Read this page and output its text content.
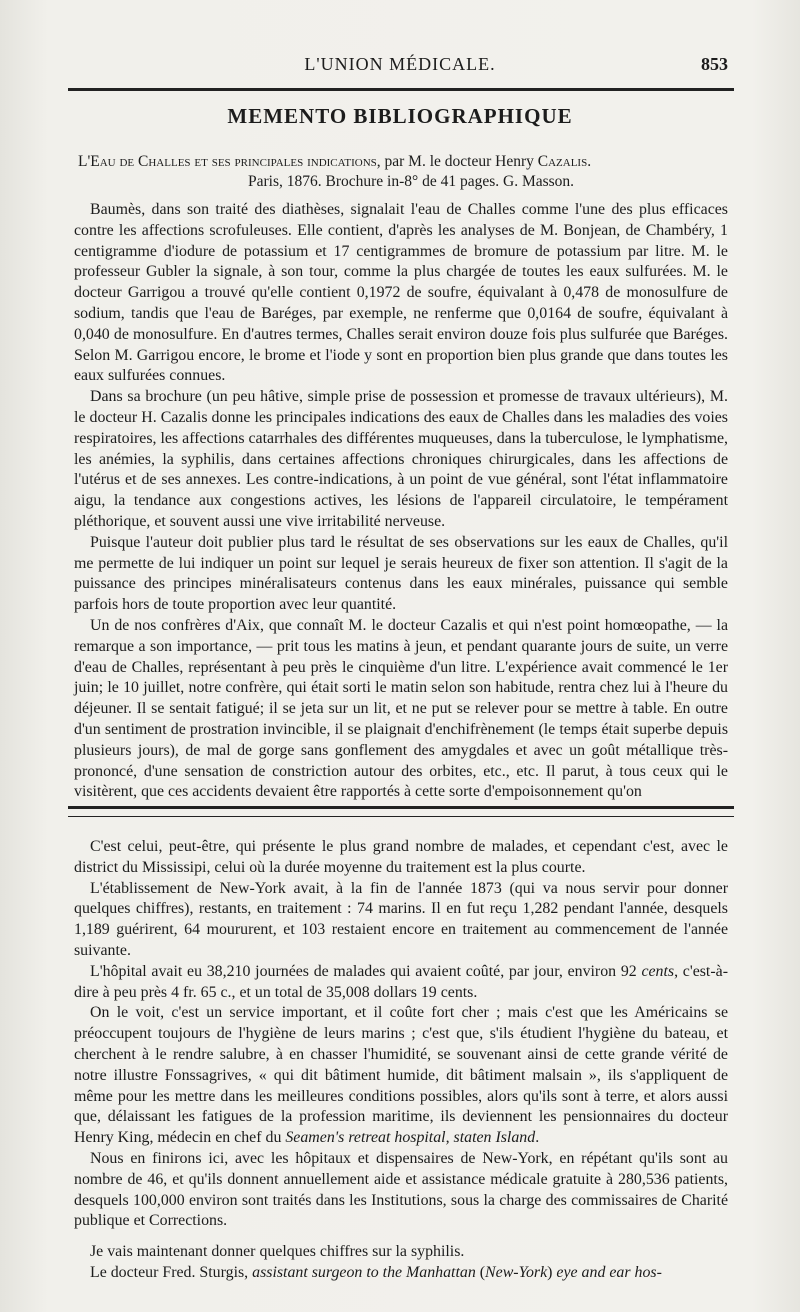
L'UNION MÉDICALE.	853
MEMENTO BIBLIOGRAPHIQUE
L'Eau de Challes et ses principales indications, par M. le docteur Henry Cazalis.
Paris, 1876. Brochure in-8° de 41 pages. G. Masson.

Baumès, dans son traité des diathèses, signalait l'eau de Challes comme l'une des plus efficaces contre les affections scrofuleuses. Elle contient, d'après les analyses de M. Bonjean, de Chambéry, 1 centigramme d'iodure de potassium et 17 centigrammes de bromure de potassium par litre. M. le professeur Gubler la signale, à son tour, comme la plus chargée de toutes les eaux sulfurées. M. le docteur Garrigou a trouvé qu'elle contient 0,1972 de soufre, équivalant à 0,478 de monosulfure de sodium, tandis que l'eau de Baréges, par exemple, ne renferme que 0,0164 de soufre, équivalant à 0,040 de monosulfure. En d'autres termes, Challes serait environ douze fois plus sulfurée que Baréges. Selon M. Garrigou encore, le brome et l'iode y sont en proportion bien plus grande que dans toutes les eaux sulfurées connues.

Dans sa brochure (un peu hâtive, simple prise de possession et promesse de travaux ultérieurs), M. le docteur H. Cazalis donne les principales indications des eaux de Challes dans les maladies des voies respiratoires, les affections catarrhales des différentes muqueuses, dans la tuberculose, le lymphatisme, les anémies, la syphilis, dans certaines affections chroniques chirurgicales, dans les affections de l'utérus et de ses annexes. Les contre-indications, à un point de vue général, sont l'état inflammatoire aigu, la tendance aux congestions actives, les lésions de l'appareil circulatoire, le tempérament pléthorique, et souvent aussi une vive irritabilité nerveuse.

Puisque l'auteur doit publier plus tard le résultat de ses observations sur les eaux de Challes, qu'il me permette de lui indiquer un point sur lequel je serais heureux de fixer son attention. Il s'agit de la puissance des principes minéralisateurs contenus dans les eaux minérales, puissance qui semble parfois hors de toute proportion avec leur quantité.

Un de nos confrères d'Aix, que connaît M. le docteur Cazalis et qui n'est point homœopathe, — la remarque a son importance, — prit tous les matins à jeun, et pendant quarante jours de suite, un verre d'eau de Challes, représentant à peu près le cinquième d'un litre. L'expérience avait commencé le 1er juin; le 10 juillet, notre confrère, qui était sorti le matin selon son habitude, rentra chez lui à l'heure du déjeuner. Il se sentait fatigué; il se jeta sur un lit, et ne put se relever pour se mettre à table. En outre d'un sentiment de prostration invincible, il se plaignait d'enchifrènement (le temps était superbe depuis plusieurs jours), de mal de gorge sans gonflement des amygdales et avec un goût métallique très-prononcé, d'une sensation de constriction autour des orbites, etc., etc. Il parut, à tous ceux qui le visitèrent, que ces accidents devaient être rapportés à cette sorte d'empoisonnement qu'on

C'est celui, peut-être, qui présente le plus grand nombre de malades, et cependant c'est, avec le district du Mississipi, celui où la durée moyenne du traitement est la plus courte.

L'établissement de New-York avait, à la fin de l'année 1873 (qui va nous servir pour donner quelques chiffres), restants, en traitement : 74 marins. Il en fut reçu 1,282 pendant l'année, desquels 1,189 guérirent, 64 moururent, et 103 restaient encore en traitement au commencement de l'année suivante.

L'hôpital avait eu 38,210 journées de malades qui avaient coûté, par jour, environ 92 cents, c'est-à-dire à peu près 4 fr. 65 c., et un total de 35,008 dollars 19 cents.

On le voit, c'est un service important, et il coûte fort cher ; mais c'est que les Américains se préoccupent toujours de l'hygiène de leurs marins ; c'est que, s'ils étudient l'hygiène du bateau, et cherchent à le rendre salubre, à en chasser l'humidité, se souvenant ainsi de cette grande vérité de notre illustre Fonssagrives, « qui dit bâtiment humide, dit bâtiment malsain », ils s'appliquent de même pour les mettre dans les meilleures conditions possibles, alors qu'ils sont à terre, et alors aussi que, délaissant les fatigues de la profession maritime, ils deviennent les pensionnaires du docteur Henry King, médecin en chef du Seamen's retreat hospital, staten Island.

Nous en finirons ici, avec les hôpitaux et dispensaires de New-York, en répétant qu'ils sont au nombre de 46, et qu'ils donnent annuellement aide et assistance médicale gratuite à 280,536 patients, desquels 100,000 environ sont traités dans les Institutions, sous la charge des commissaires de Charité publique et Corrections.

Je vais maintenant donner quelques chiffres sur la syphilis.

Le docteur Fred. Sturgis, assistant surgeon to the Manhattan (New-York) eye and ear hos-
